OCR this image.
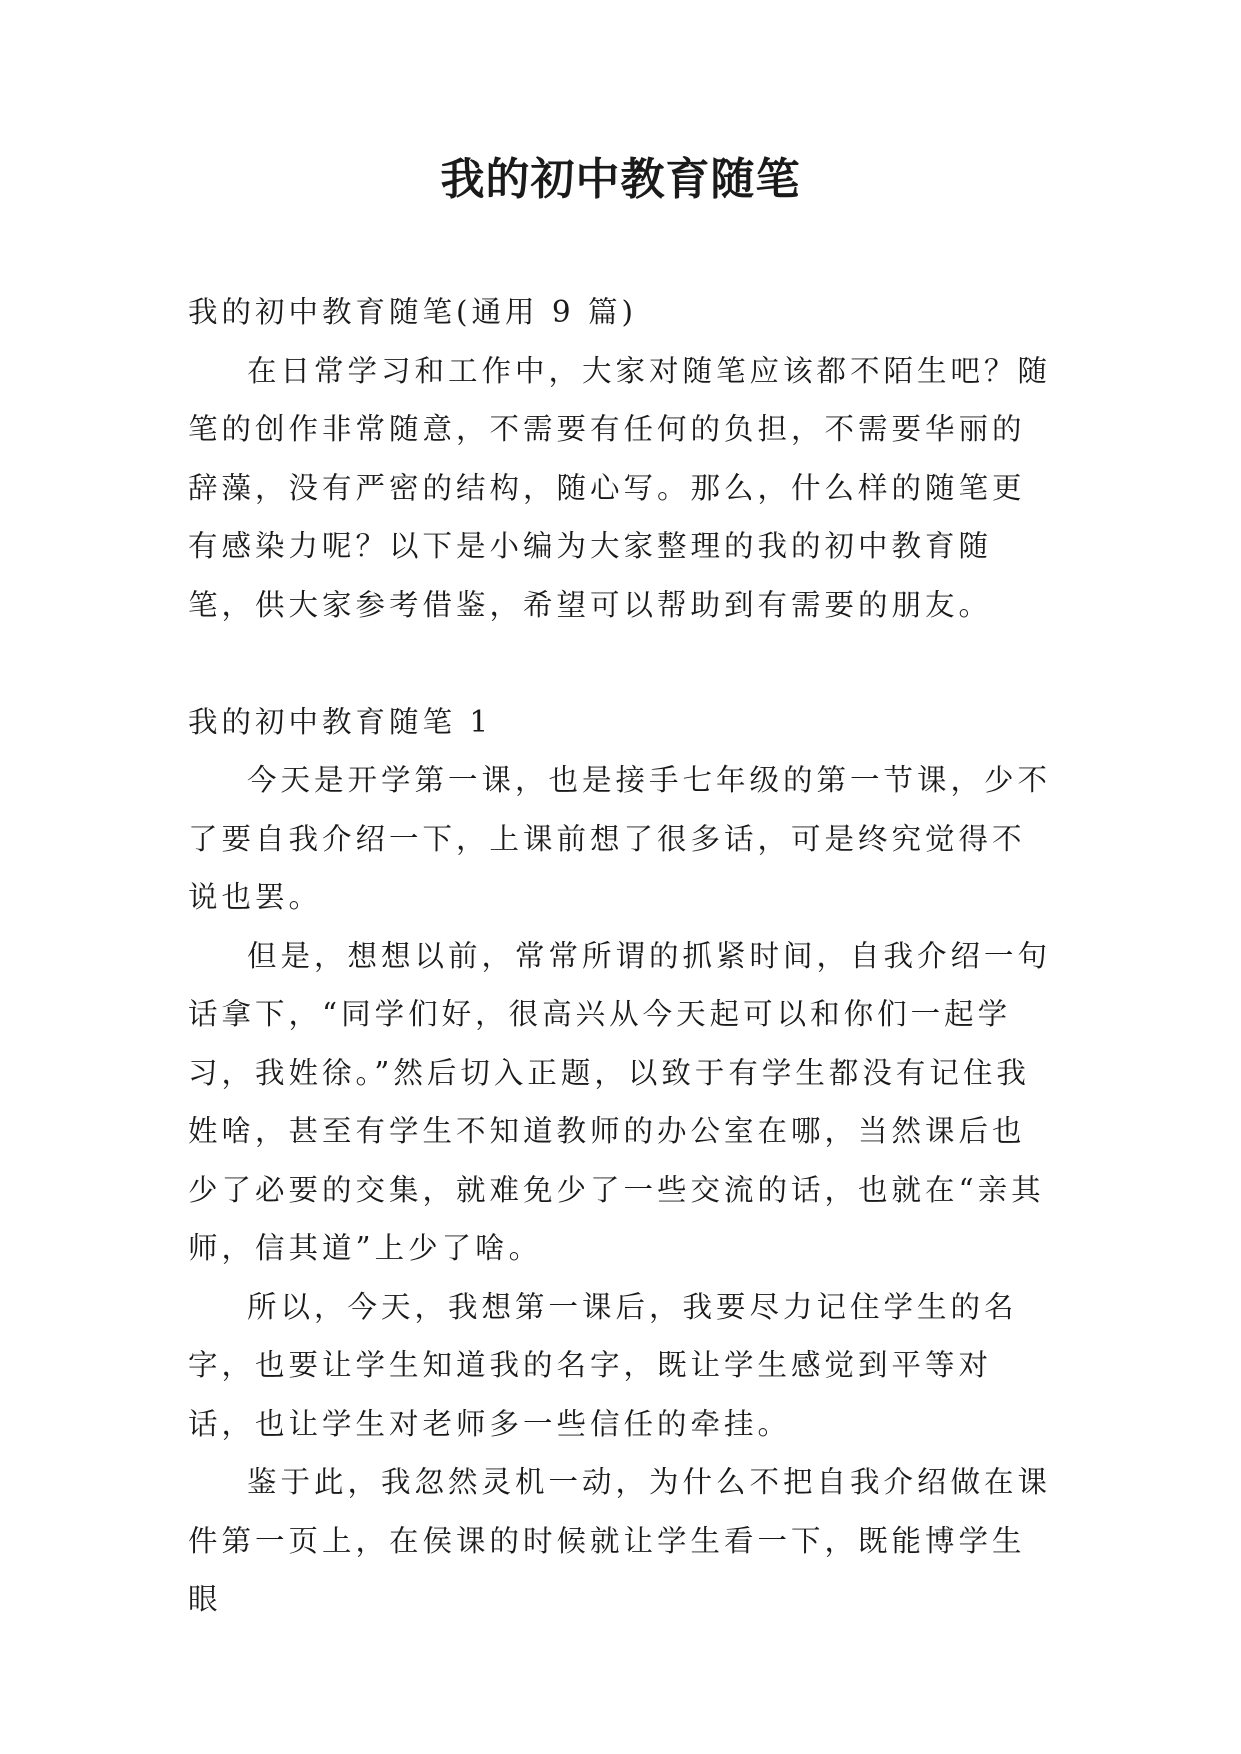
我的初中教育随笔

我的初中教育随笔(通用 9 篇)

在日常学习和工作中，大家对随笔应该都不陌生吧？随笔的创作非常随意，不需要有任何的负担，不需要华丽的辞藻，没有严密的结构，随心写。那么，什么样的随笔更有感染力呢？以下是小编为大家整理的我的初中教育随笔，供大家参考借鉴，希望可以帮助到有需要的朋友。

我的初中教育随笔 1

今天是开学第一课，也是接手七年级的第一节课，少不了要自我介绍一下，上课前想了很多话，可是终究觉得不说也罢。

但是，想想以前，常常所谓的抓紧时间，自我介绍一句话拿下，“同学们好，很高兴从今天起可以和你们一起学习，我姓徐。”然后切入正题，以致于有学生都没有记住我姓啥，甚至有学生不知道教师的办公室在哪，当然课后也少了必要的交集，就难免少了一些交流的话，也就在“亲其师，信其道”上少了啥。

所以，今天，我想第一课后，我要尽力记住学生的名字，也要让学生知道我的名字，既让学生感觉到平等对话，也让学生对老师多一些信任的牵挂。

鉴于此，我忽然灵机一动，为什么不把自我介绍做在课件第一页上，在侯课的时候就让学生看一下，既能博学生眼
